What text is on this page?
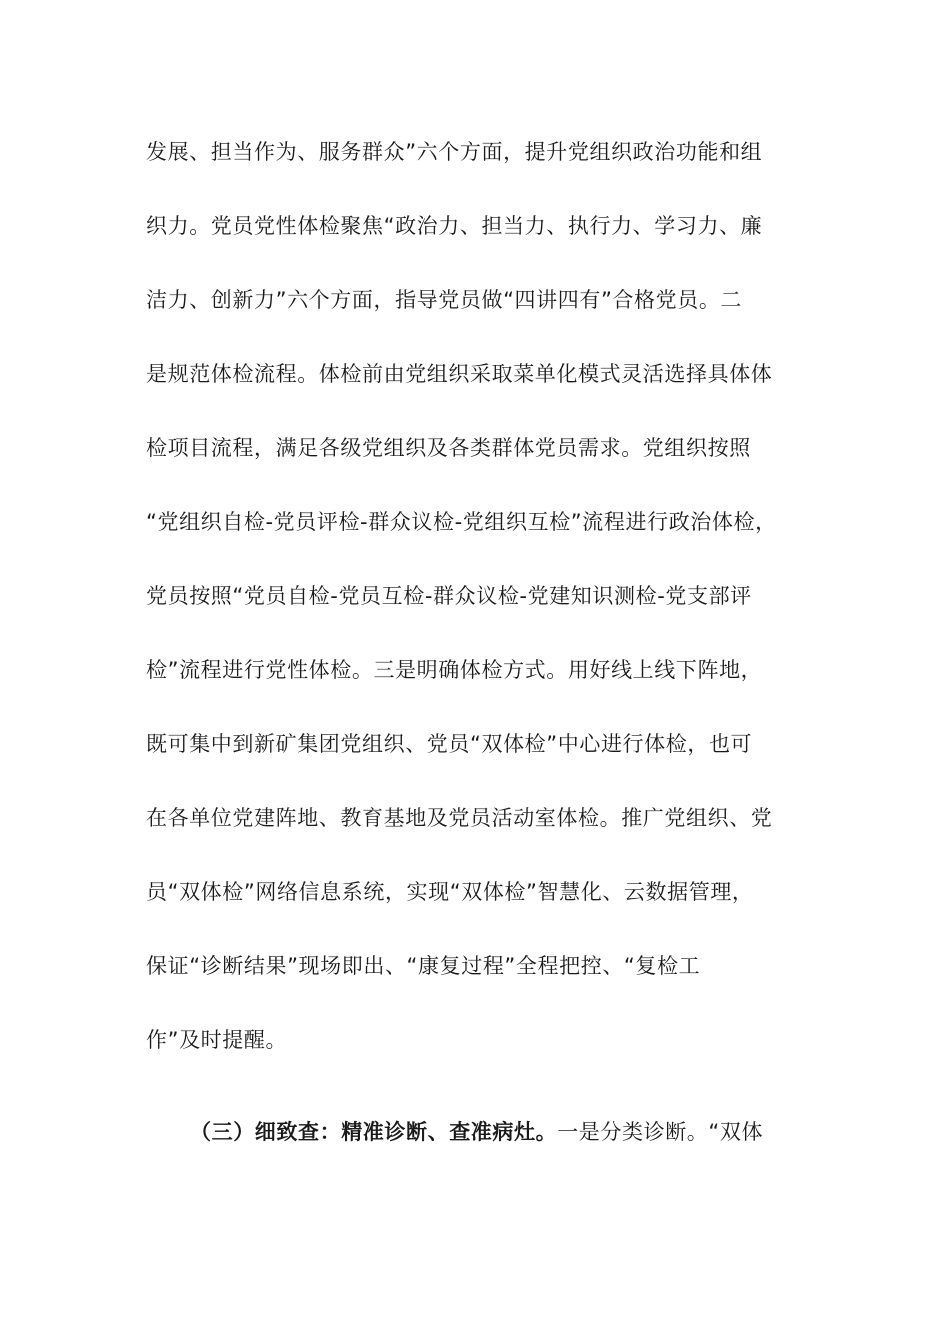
发展、担当作为、服务群众”六个方面，提升党组织政治功能和组
织力。党员党性体检聚焦“政治力、担当力、执行力、学习力、廉
洁力、创新力”六个方面，指导党员做“四讲四有”合格党员。二
是规范体检流程。体检前由党组织采取菜单化模式灵活选择具体体
检项目流程，满足各级党组织及各类群体党员需求。党组织按照
“党组织自检-党员评检-群众议检-党组织互检”流程进行政治体检，
党员按照“党员自检-党员互检-群众议检-党建知识测检-党支部评
检”流程进行党性体检。三是明确体检方式。用好线上线下阵地，
既可集中到新矿集团党组织、党员“双体检”中心进行体检，也可
在各单位党建阵地、教育基地及党员活动室体检。推广党组织、党
员“双体检”网络信息系统，实现“双体检”智慧化、云数据管理，
保证“诊断结果”现场即出、“康复过程”全程把控、“复检工
作”及时提醒。
（三）细致查：精准诊断、查准病灶。一是分类诊断。“双体
